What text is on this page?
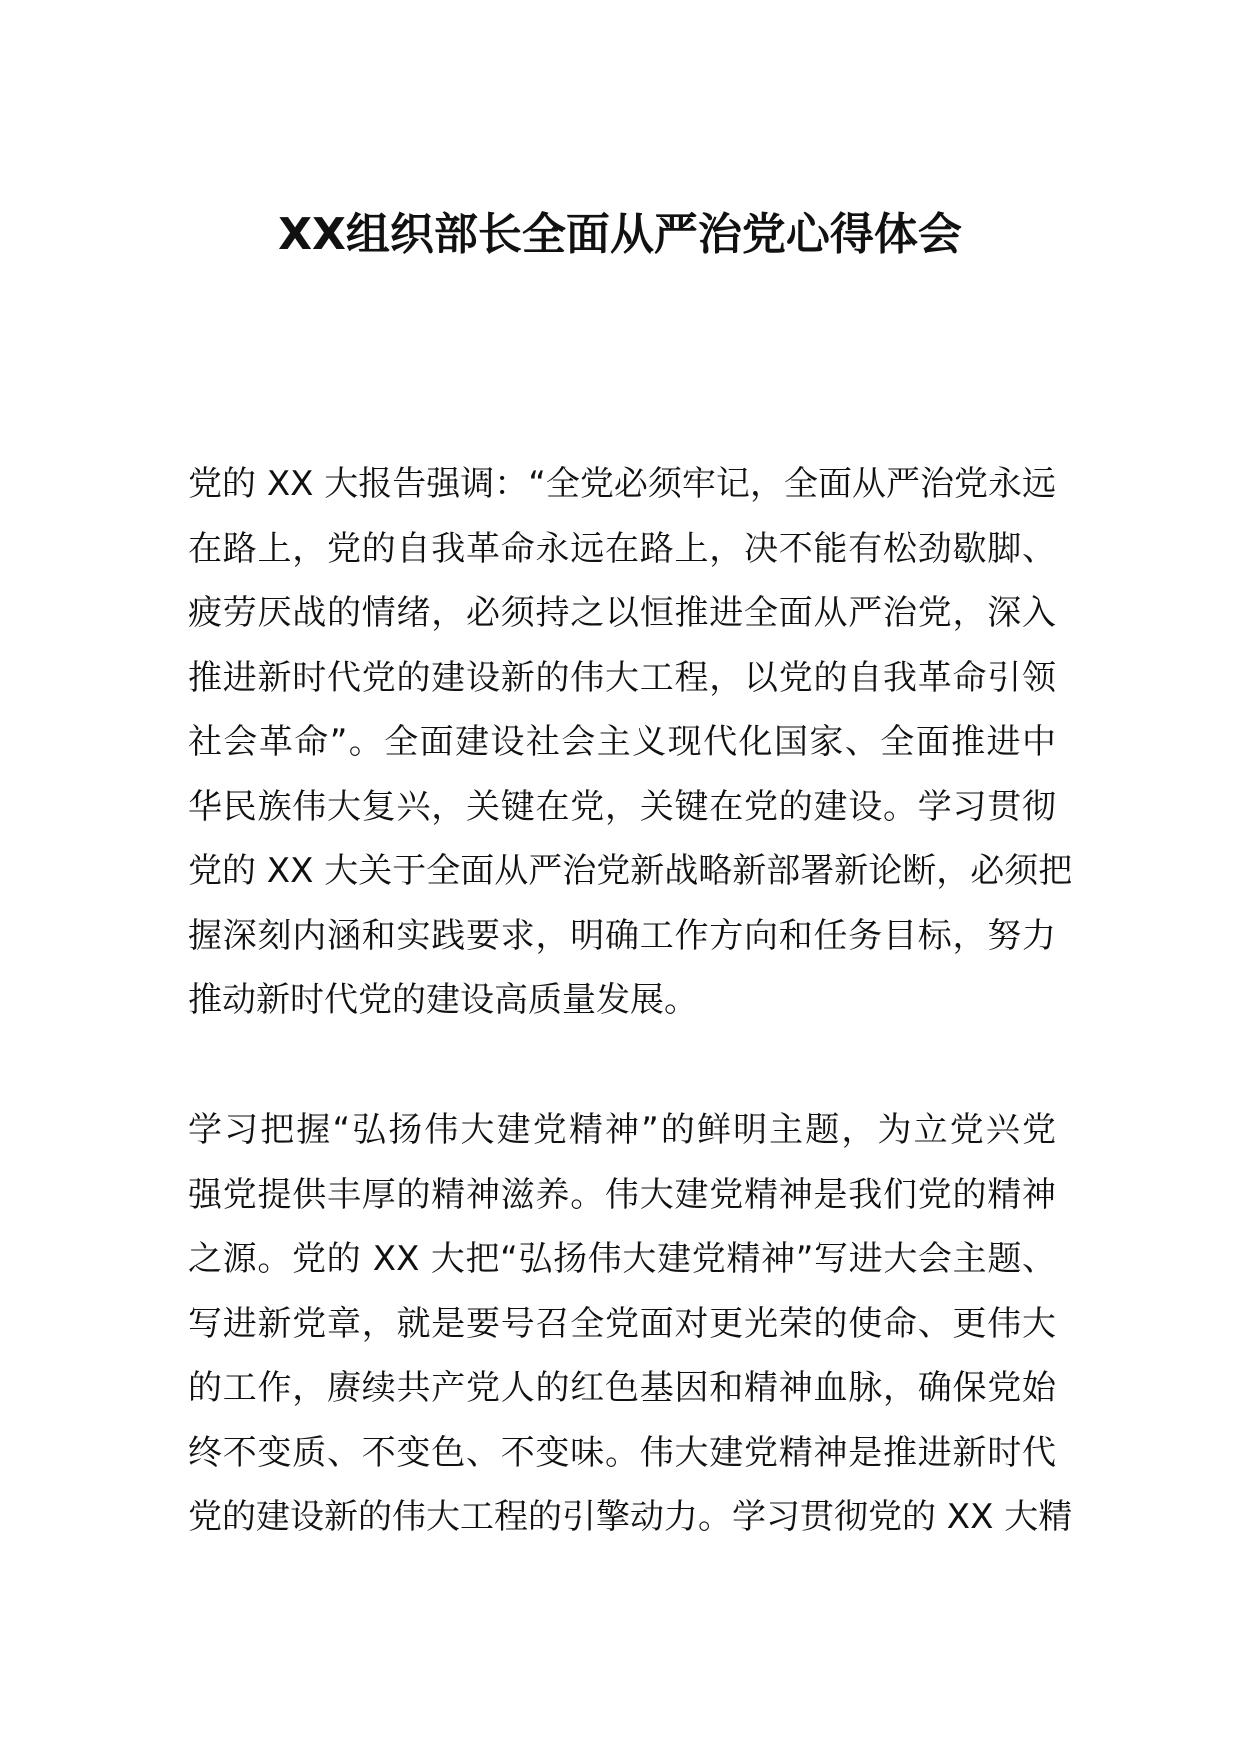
XX组织部长全面从严治党心得体会

党的 XX 大报告强调：“全党必须牢记，全面从严治党永远
在路上，党的自我革命永远在路上，决不能有松劲歇脚、
疲劳厌战的情绪，必须持之以恒推进全面从严治党，深入
推进新时代党的建设新的伟大工程，以党的自我革命引领
社会革命”。全面建设社会主义现代化国家、全面推进中
华民族伟大复兴，关键在党，关键在党的建设。学习贯彻
党的 XX 大关于全面从严治党新战略新部署新论断，必须把
握深刻内涵和实践要求，明确工作方向和任务目标，努力
推动新时代党的建设高质量发展。

学习把握“弘扬伟大建党精神”的鲜明主题，为立党兴党
强党提供丰厚的精神滋养。伟大建党精神是我们党的精神
之源。党的 XX 大把“弘扬伟大建党精神”写进大会主题、
写进新党章，就是要号召全党面对更光荣的使命、更伟大
的工作，赓续共产党人的红色基因和精神血脉，确保党始
终不变质、不变色、不变味。伟大建党精神是推进新时代
党的建设新的伟大工程的引擎动力。学习贯彻党的 XX 大精
